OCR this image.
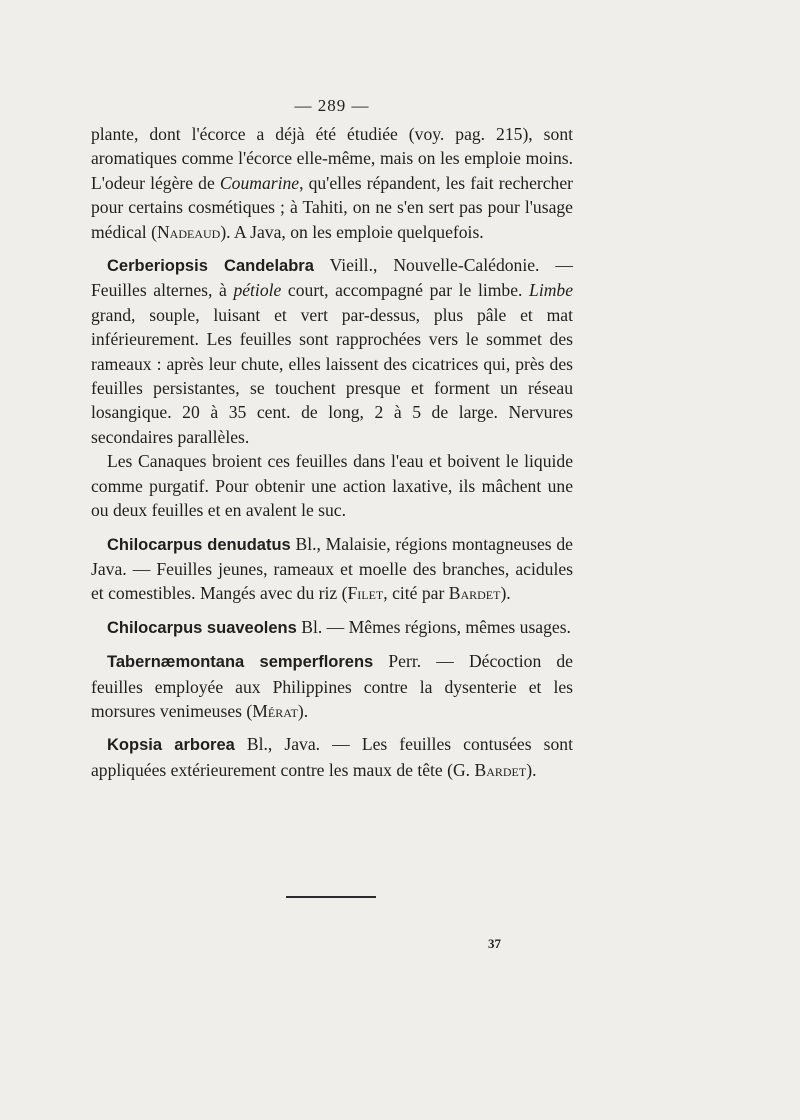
— 289 —

plante, dont l'écorce a déjà été étudiée (voy. pag. 215), sont aromatiques comme l'écorce elle-même, mais on les emploie moins. L'odeur légère de Coumarine, qu'elles répandent, les fait rechercher pour certains cosmétiques ; à Tahiti, on ne s'en sert pas pour l'usage médical (Nadeaud). A Java, on les emploie quelquefois.

Cerberiopsis Candelabra Vieill., Nouvelle-Calédonie. — Feuilles alternes, à pétiole court, accompagné par le limbe. Limbe grand, souple, luisant et vert par-dessus, plus pâle et mat inférieurement. Les feuilles sont rapprochées vers le sommet des rameaux : après leur chute, elles laissent des cicatrices qui, près des feuilles persistantes, se touchent presque et forment un réseau losangique. 20 à 35 cent. de long, 2 à 5 de large. Nervures secondaires parallèles.

Les Canaques broient ces feuilles dans l'eau et boivent le liquide comme purgatif. Pour obtenir une action laxative, ils mâchent une ou deux feuilles et en avalent le suc.

Chilocarpus denudatus Bl., Malaisie, régions montagneuses de Java. — Feuilles jeunes, rameaux et moelle des branches, acidules et comestibles. Mangés avec du riz (Filet, cité par Bardet).

Chilocarpus suaveolens Bl. — Mêmes régions, mêmes usages.

Tabernæmontana semperflorens Perr. — Décoction de feuilles employée aux Philippines contre la dysenterie et les morsures venimeuses (Mérat).

Kopsia arborea Bl., Java. — Les feuilles contusées sont appliquées extérieurement contre les maux de tête (G. Bardet).

37
